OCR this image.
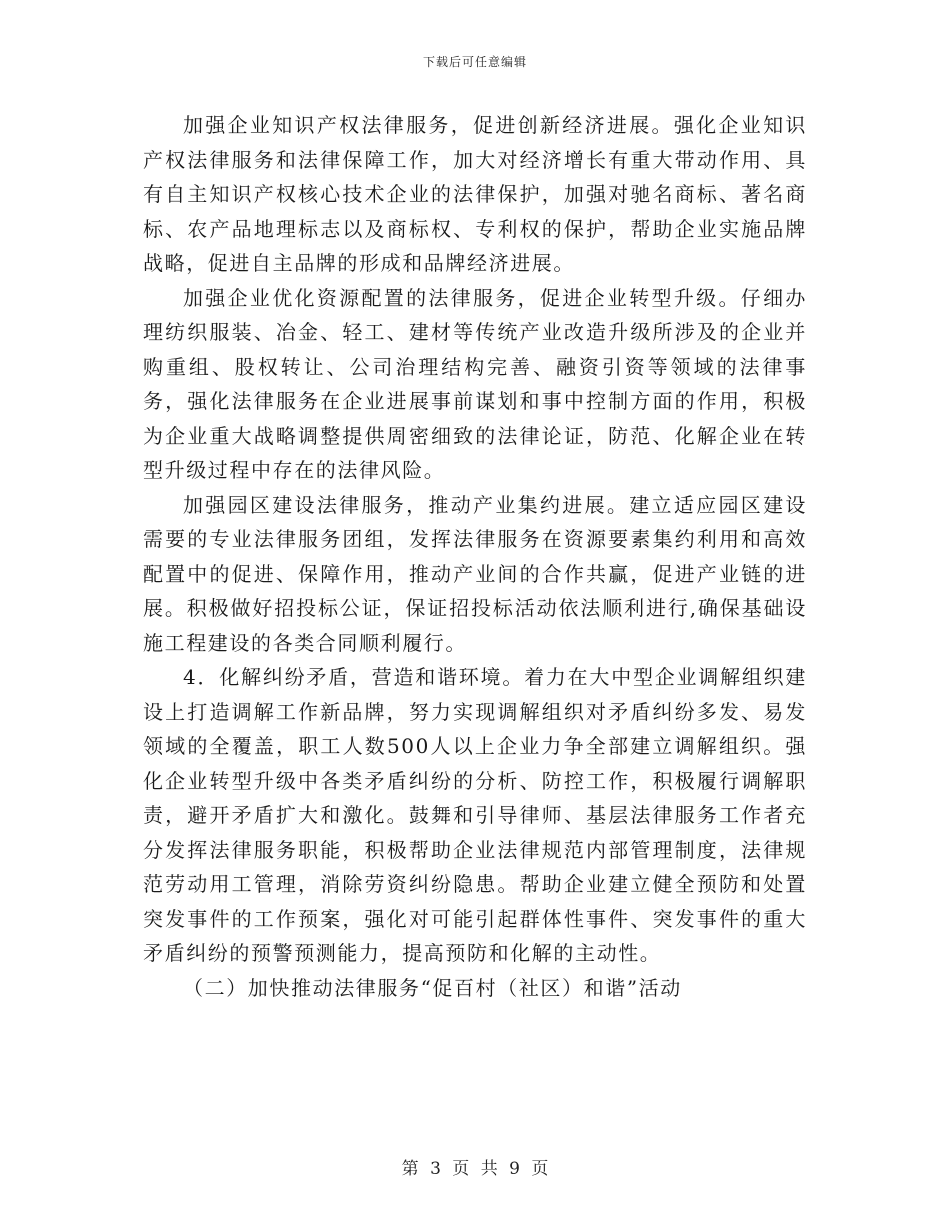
下载后可任意编辑

加强企业知识产权法律服务，促进创新经济进展。强化企业知识产权法律服务和法律保障工作，加大对经济增长有重大带动作用、具有自主知识产权核心技术企业的法律保护，加强对驰名商标、著名商标、农产品地理标志以及商标权、专利权的保护，帮助企业实施品牌战略，促进自主品牌的形成和品牌经济进展。

加强企业优化资源配置的法律服务，促进企业转型升级。仔细办理纺织服装、冶金、轻工、建材等传统产业改造升级所涉及的企业并购重组、股权转让、公司治理结构完善、融资引资等领域的法律事务，强化法律服务在企业进展事前谋划和事中控制方面的作用，积极为企业重大战略调整提供周密细致的法律论证，防范、化解企业在转型升级过程中存在的法律风险。

加强园区建设法律服务，推动产业集约进展。建立适应园区建设需要的专业法律服务团组，发挥法律服务在资源要素集约利用和高效配置中的促进、保障作用，推动产业间的合作共赢，促进产业链的进展。积极做好招投标公证，保证招投标活动依法顺利进行,确保基础设施工程建设的各类合同顺利履行。

4．化解纠纷矛盾，营造和谐环境。着力在大中型企业调解组织建设上打造调解工作新品牌，努力实现调解组织对矛盾纠纷多发、易发领域的全覆盖，职工人数500人以上企业力争全部建立调解组织。强化企业转型升级中各类矛盾纠纷的分析、防控工作，积极履行调解职责，避开矛盾扩大和激化。鼓舞和引导律师、基层法律服务工作者充分发挥法律服务职能，积极帮助企业法律规范内部管理制度，法律规范劳动用工管理，消除劳资纠纷隐患。帮助企业建立健全预防和处置突发事件的工作预案，强化对可能引起群体性事件、突发事件的重大矛盾纠纷的预警预测能力，提高预防和化解的主动性。

（二）加快推动法律服务“促百村（社区）和谐”活动

第 3 页 共 9 页
